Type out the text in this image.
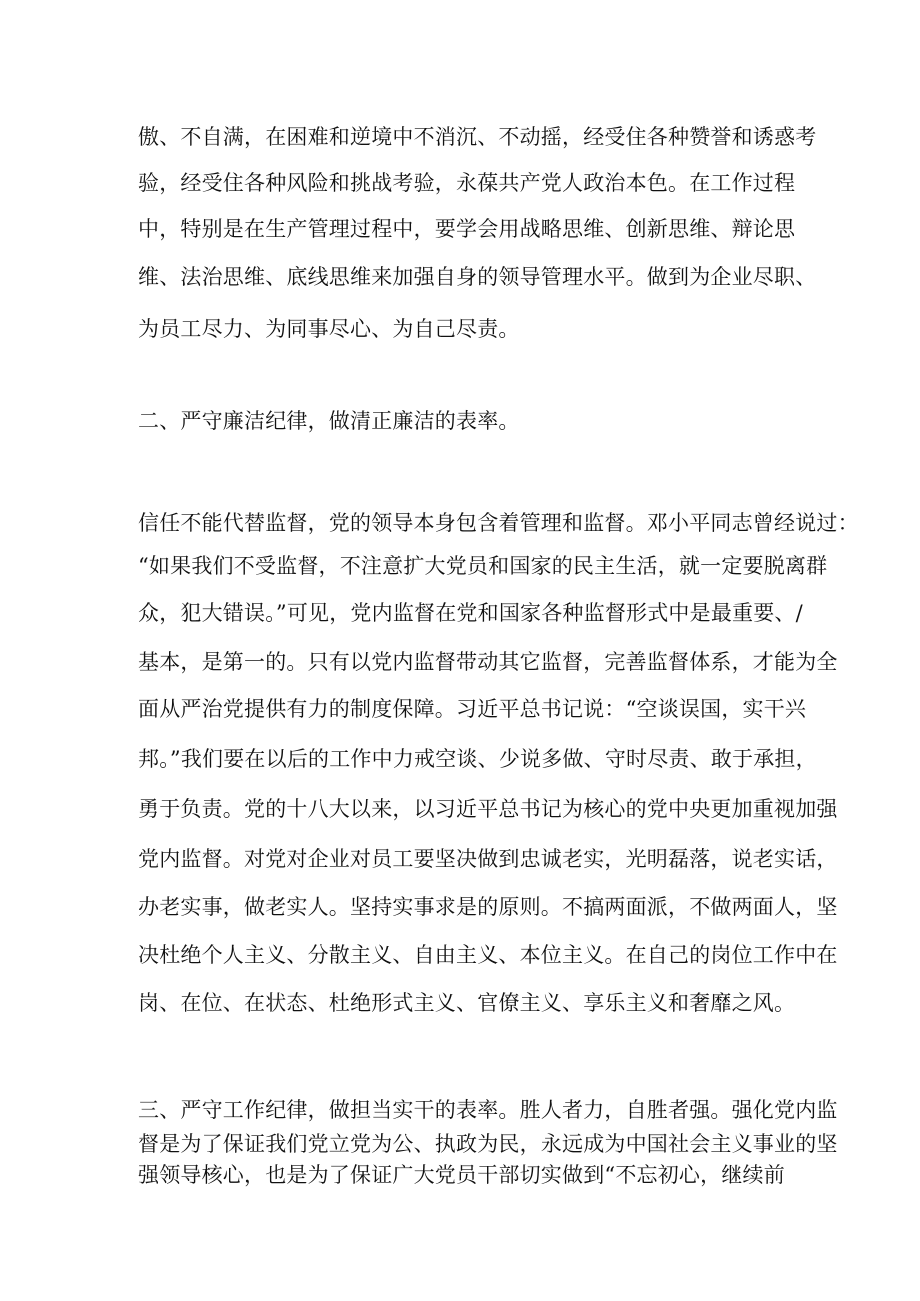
傲、不自满，在困难和逆境中不消沉、不动摇，经受住各种赞誉和诱惑考
验，经受住各种风险和挑战考验，永葆共产党人政治本色。在工作过程
中，特别是在生产管理过程中，要学会用战略思维、创新思维、辩论思
维、法治思维、底线思维来加强自身的领导管理水平。做到为企业尽职、
为员工尽力、为同事尽心、为自己尽责。
二、严守廉洁纪律，做清正廉洁的表率。
信任不能代替监督，党的领导本身包含着管理和监督。邓小平同志曾经说过：
“如果我们不受监督，不注意扩大党员和国家的民主生活，就一定要脱离群
众，犯大错误。”可见，党内监督在党和国家各种监督形式中是最重要、/
基本，是第一的。只有以党内监督带动其它监督，完善监督体系，才能为全
面从严治党提供有力的制度保障。习近平总书记说：“空谈误国，实干兴
邦。”我们要在以后的工作中力戒空谈、少说多做、守时尽责、敢于承担，
勇于负责。党的十八大以来，以习近平总书记为核心的党中央更加重视加强
党内监督。对党对企业对员工要坚决做到忠诚老实，光明磊落，说老实话，
办老实事，做老实人。坚持实事求是的原则。不搞两面派，不做两面人，坚
决杜绝个人主义、分散主义、自由主义、本位主义。在自己的岗位工作中在
岗、在位、在状态、杜绝形式主义、官僚主义、享乐主义和奢靡之风。
三、严守工作纪律，做担当实干的表率。胜人者力，自胜者强。强化党内监
督是为了保证我们党立党为公、执政为民，永远成为中国社会主义事业的坚
强领导核心，也是为了保证广大党员干部切实做到“不忘初心，继续前
